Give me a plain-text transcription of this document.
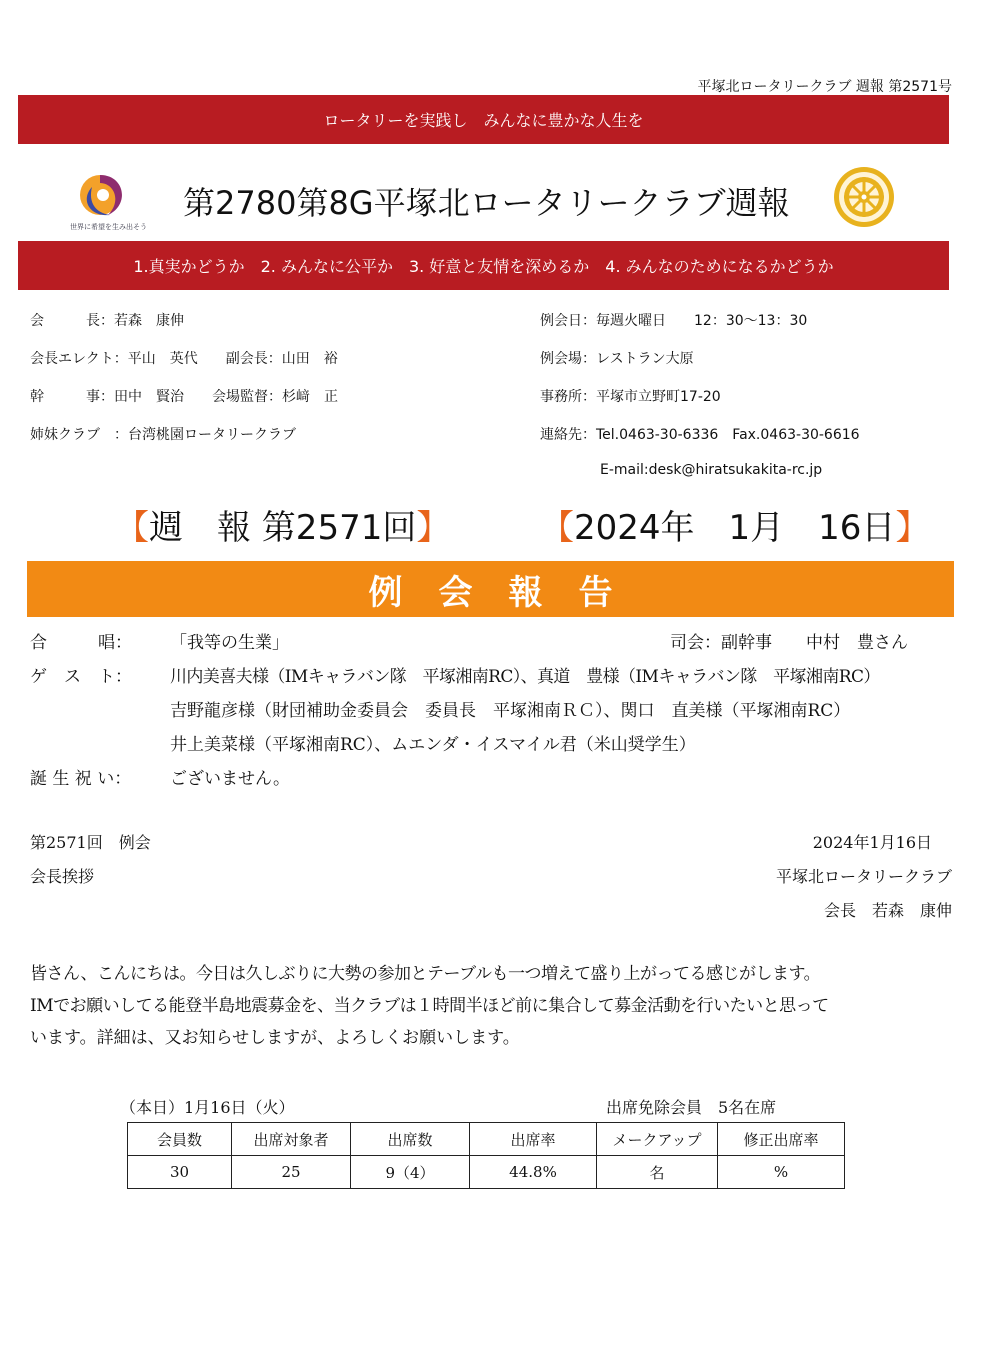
平塚北ロータリークラブ 週報 第2571号
ロータリーを実践し　みんなに豊かな人生を
世界に希望を生み出そう
第2780第8G平塚北ロータリークラブ週報
1.真実かどうか　2. みんなに公平か　3. 好意と友情を深めるか　4. みんなのためになるかどうか
会　　　長：若森　康伸
会長エレクト：平山　英代　　副会長：山田　裕
幹　　　事：田中　賢治　　会場監督：杉﨑　正
姉妹クラブ　：台湾桃園ロータリークラブ
例会日：毎週火曜日　　12：30〜13：30
例会場：レストラン大原
事務所：平塚市立野町17-20
連絡先：Tel.0463-30-6336　Fax.0463-30-6616
E-mail:desk@hiratsukakita-rc.jp
【週　報 第2571回】	【2024年　1月　16日】
例会報告
合　　　唱： 「我等の生業」	司会：副幹事　　中村　豊さん
ゲ　ス　ト： 川内美喜夫様（IMキャラバン隊　平塚湘南RC）、真道　豊様（IMキャラバン隊　平塚湘南RC）
吉野龍彦様（財団補助金委員会　委員長　平塚湘南ＲＣ）、関口　直美様（平塚湘南RC）
井上美菜様（平塚湘南RC）、ムエンダ・イスマイル君（米山奨学生）
誕 生 祝 い： ございません。
第2571回　例会	2024年1月16日
会長挨拶	平塚北ロータリークラブ
会長　若森　康伸
皆さん、こんにちは。今日は久しぶりに大勢の参加とテーブルも一つ増えて盛り上がってる感じがします。
IMでお願いしてる能登半島地震募金を、当クラブは１時間半ほど前に集合して募金活動を行いたいと思って
います。詳細は、又お知らせしますが、よろしくお願いします。
（本日）1月16日（火）	出席免除会員　5名在席
会員数	出席対象者	出席数	出席率	メークアップ	修正出席率
30	25	9（4）	44.8%	名	%
